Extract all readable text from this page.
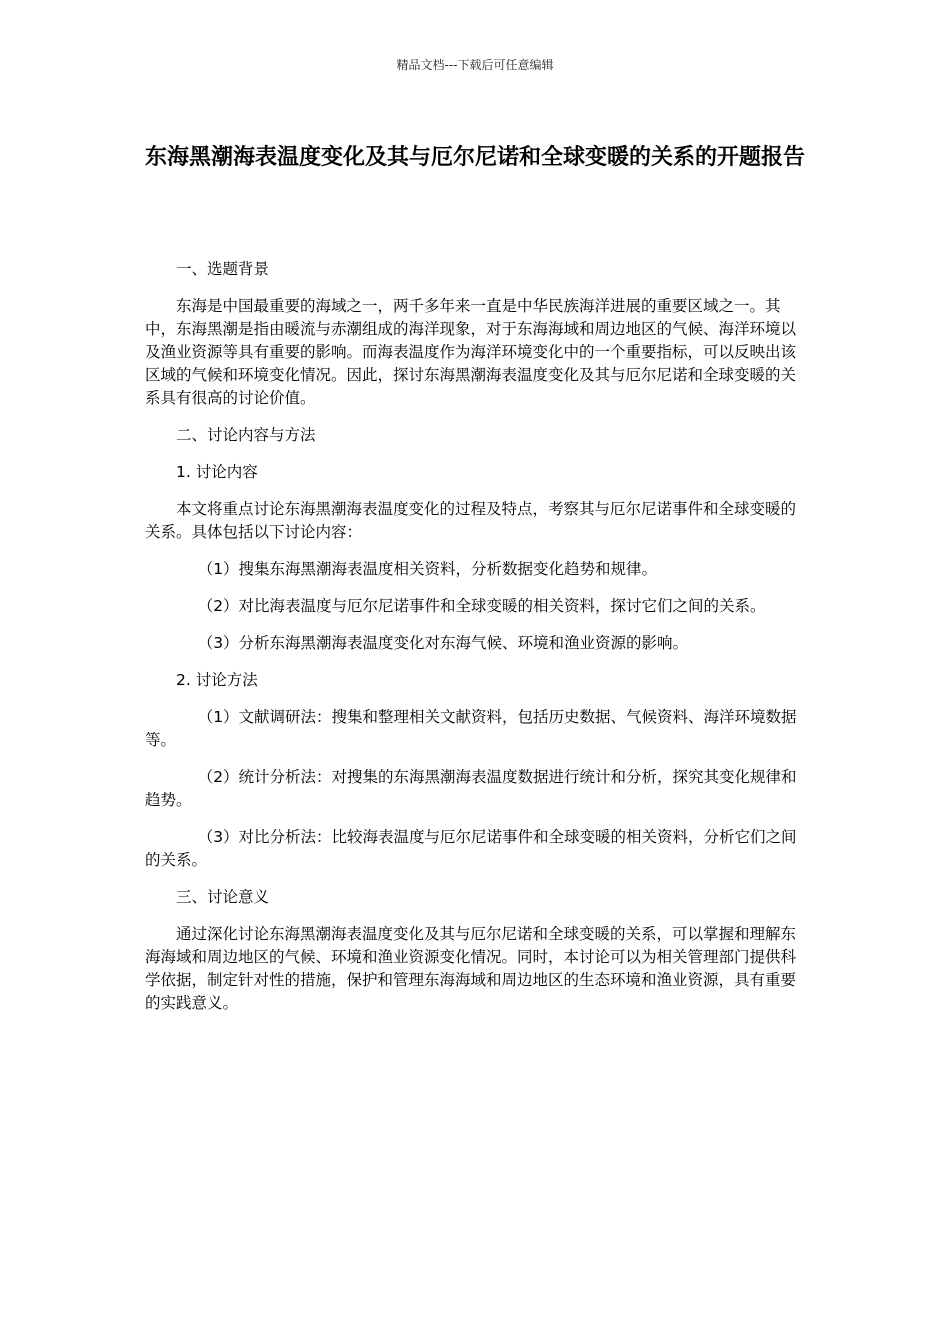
精品文档---下载后可任意编辑
东海黑潮海表温度变化及其与厄尔尼诺和全球变暖的关系的开题报告

一、选题背景

东海是中国最重要的海域之一，两千多年来一直是中华民族海洋进展的重要区域之一。其中，东海黑潮是指由暖流与赤潮组成的海洋现象，对于东海海域和周边地区的气候、海洋环境以及渔业资源等具有重要的影响。而海表温度作为海洋环境变化中的一个重要指标，可以反映出该区域的气候和环境变化情况。因此，探讨东海黑潮海表温度变化及其与厄尔尼诺和全球变暖的关系具有很高的讨论价值。

二、讨论内容与方法

1. 讨论内容

本文将重点讨论东海黑潮海表温度变化的过程及特点，考察其与厄尔尼诺事件和全球变暖的关系。具体包括以下讨论内容：

（1）搜集东海黑潮海表温度相关资料，分析数据变化趋势和规律。

（2）对比海表温度与厄尔尼诺事件和全球变暖的相关资料，探讨它们之间的关系。

（3）分析东海黑潮海表温度变化对东海气候、环境和渔业资源的影响。

2. 讨论方法

（1）文献调研法：搜集和整理相关文献资料，包括历史数据、气候资料、海洋环境数据等。

（2）统计分析法：对搜集的东海黑潮海表温度数据进行统计和分析，探究其变化规律和趋势。

（3）对比分析法：比较海表温度与厄尔尼诺事件和全球变暖的相关资料，分析它们之间的关系。

三、讨论意义

通过深化讨论东海黑潮海表温度变化及其与厄尔尼诺和全球变暖的关系，可以掌握和理解东海海域和周边地区的气候、环境和渔业资源变化情况。同时，本讨论可以为相关管理部门提供科学依据，制定针对性的措施，保护和管理东海海域和周边地区的生态环境和渔业资源，具有重要的实践意义。
